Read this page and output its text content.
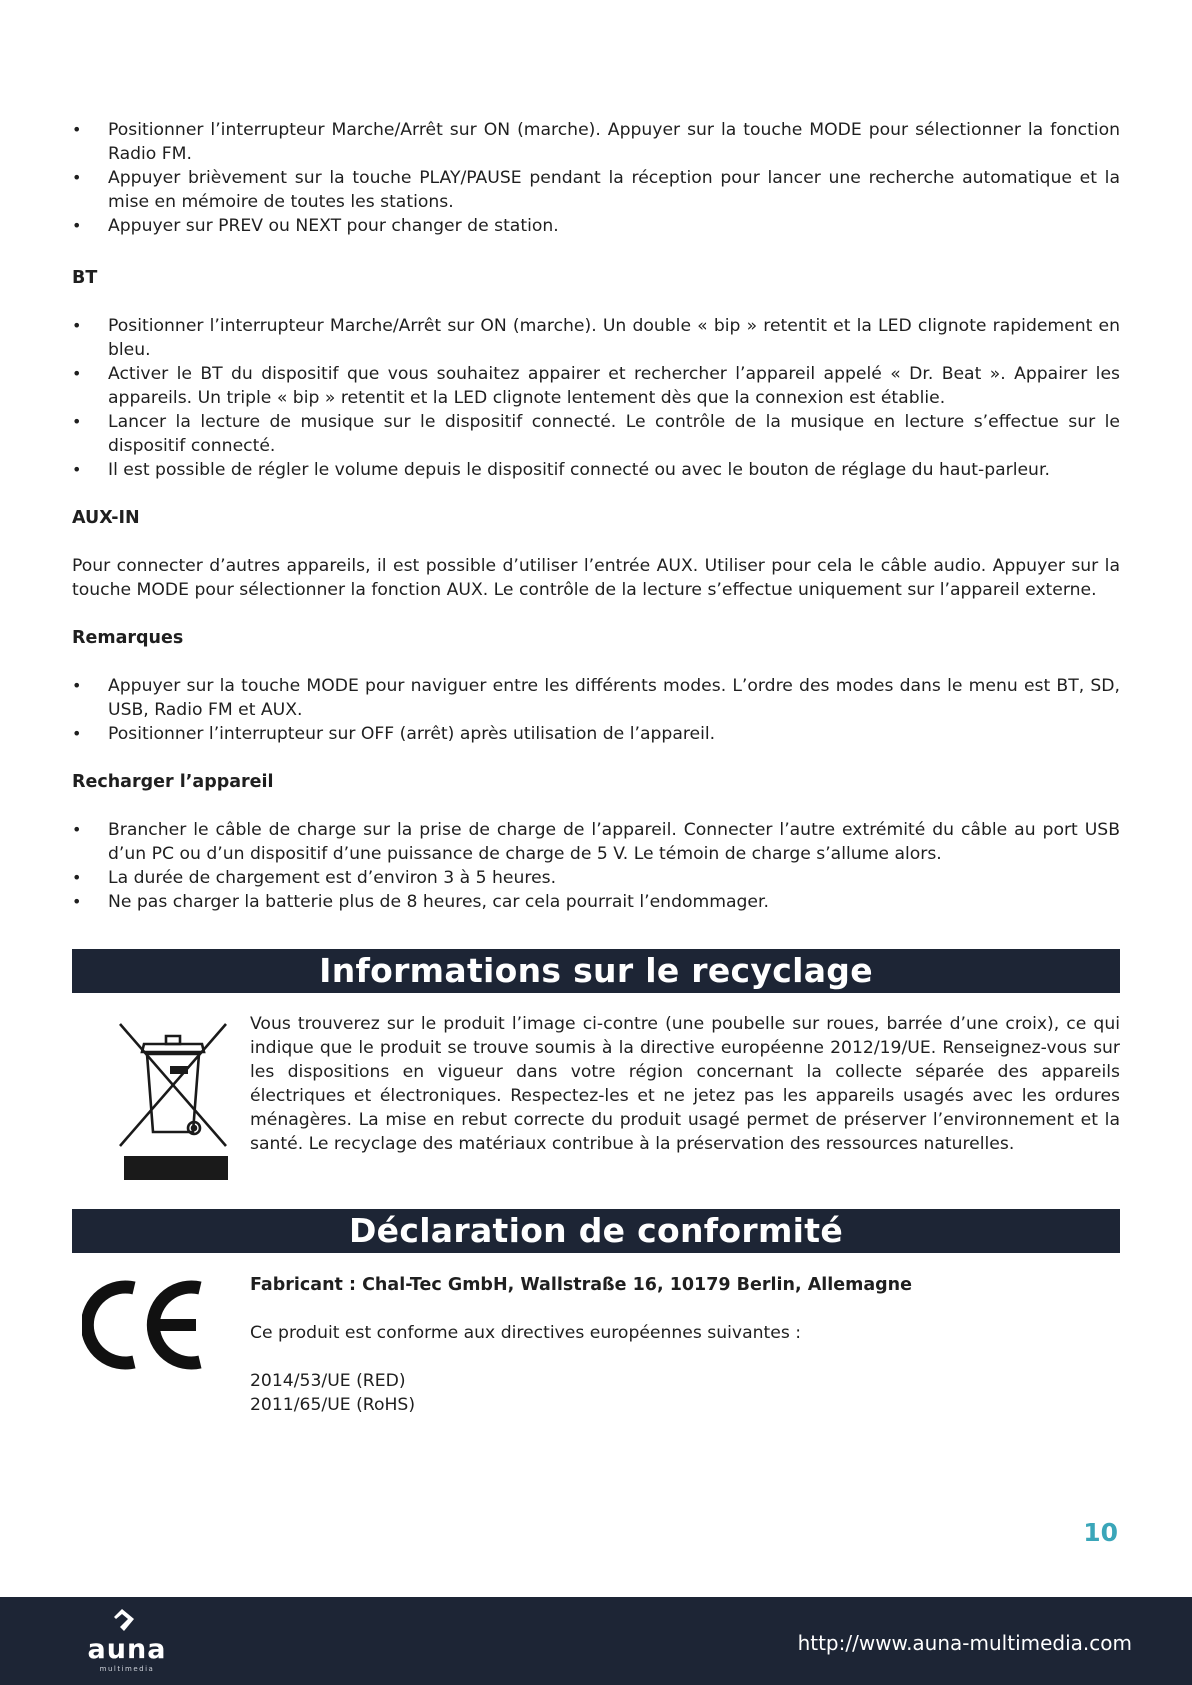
• Positionner l’interrupteur Marche/Arrêt sur ON (marche). Appuyer sur la touche MODE pour sélectionner la fonction Radio FM.
• Appuyer brièvement sur la touche PLAY/PAUSE pendant la réception pour lancer une recherche automatique et la mise en mémoire de toutes les stations.
• Appuyer sur PREV ou NEXT pour changer de station.
BT
• Positionner l’interrupteur Marche/Arrêt sur ON (marche). Un double « bip » retentit et la LED clignote rapidement en bleu.
• Activer le BT du dispositif que vous souhaitez appairer et rechercher l’appareil appelé « Dr. Beat ». Appairer les appareils. Un triple « bip » retentit et la LED clignote lentement dès que la connexion est établie.
• Lancer la lecture de musique sur le dispositif connecté. Le contrôle de la musique en lecture s’effectue sur le dispositif connecté.
• Il est possible de régler le volume depuis le dispositif connecté ou avec le bouton de réglage du haut-parleur.
AUX-IN

Pour connecter d’autres appareils, il est possible d’utiliser l’entrée AUX. Utiliser pour cela le câble audio. Appuyer sur la touche MODE pour sélectionner la fonction AUX. Le contrôle de la lecture s’effectue uniquement sur l’appareil externe.

Remarques
• Appuyer sur la touche MODE pour naviguer entre les différents modes. L’ordre des modes dans le menu est BT, SD, USB, Radio FM et AUX.
• Positionner l’interrupteur sur OFF (arrêt) après utilisation de l’appareil.
Recharger l’appareil
• Brancher le câble de charge sur la prise de charge de l’appareil. Connecter l’autre extrémité du câble au port USB d’un PC ou d’un dispositif d’une puissance de charge de 5 V. Le témoin de charge s’allume alors.
• La durée de chargement est d’environ 3 à 5 heures.
• Ne pas charger la batterie plus de 8 heures, car cela pourrait l’endommager.
Informations sur le recyclage

Vous trouverez sur le produit l’image ci-contre (une poubelle sur roues, barrée d’une croix), ce qui indique que le produit se trouve soumis à la directive européenne 2012/19/UE. Renseignez-vous sur les dispositions en vigueur dans votre région concernant la collecte séparée des appareils électriques et électroniques. Respectez-les et ne jetez pas les appareils usagés avec les ordures ménagères. La mise en rebut correcte du produit usagé permet de préserver l’environnement et la santé. Le recyclage des matériaux contribue à la préservation des ressources naturelles.

Déclaration de conformité
Fabricant : Chal-Tec GmbH, Wallstraße 16, 10179 Berlin, Allemagne

Ce produit est conforme aux directives européennes suivantes :

2014/53/UE (RED)

2011/65/UE (RoHS)

10
auna
multimedia
http://www.auna-multimedia.com
